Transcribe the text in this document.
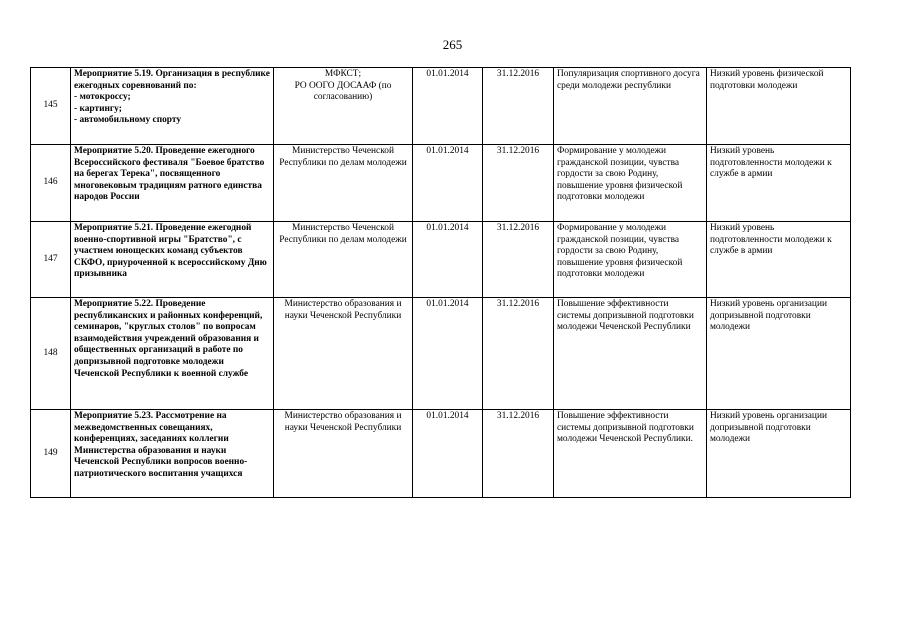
265
145	Мероприятие 5.19. Организация в республике ежегодных соревнований по:
- мотокроссу;
- картингу;
- автомобильному спорту	МФКСТ;
РО ООГО ДОСААФ (по согласованию)	01.01.2014	31.12.2016	Популяризация спортивного досуга среди молодежи республики	Низкий уровень физической подготовки молодежи
146	Мероприятие 5.20. Проведение ежегодного Всероссийского фестиваля "Боевое братство на берегах Терека", посвященного многовековым традициям ратного единства народов России	Министерство Чеченской Республики по делам молодежи	01.01.2014	31.12.2016	Формирование у молодежи гражданской позиции, чувства гордости за свою Родину, повышение уровня физической подготовки молодежи	Низкий уровень подготовленности молодежи к службе в армии
147	Мероприятие 5.21. Проведение ежегодной военно-спортивной игры "Братство", с участием юнощеских команд субъектов СКФО, приуроченной к всероссийскому Дню призывника	Министерство Чеченской Республики по делам молодежи	01.01.2014	31.12.2016	Формирование у молодежи гражданской позиции, чувства гордости за свою Родину, повышение уровня физической подготовки молодежи	Низкий уровень подготовленности молодежи к службе в армии
148	Мероприятие 5.22. Проведение республиканских и районных конференций, семинаров, "круглых столов" по вопросам взаимодействия учреждений образования и общественных организаций в работе по допризывной подготовке молодежи Чеченской Республики к военной службе	Министерство образования и науки Чеченской Республики	01.01.2014	31.12.2016	Повышение эффективности системы допризывной подготовки молодежи Чеченской Республики	Низкий уровень организации допризывной подготовки молодежи
149	Мероприятие 5.23. Рассмотрение на межведомственных совещаниях, конференциях, заседаниях коллегии Министерства образования и науки Чеченской Республики вопросов военно-патриотического воспитания учащихся	Министерство образования и науки Чеченской Республики	01.01.2014	31.12.2016	Повышение эффективности системы допризывной подготовки молодежи Чеченской Республики.	Низкий уровень организации допризывной подготовки молодежи
